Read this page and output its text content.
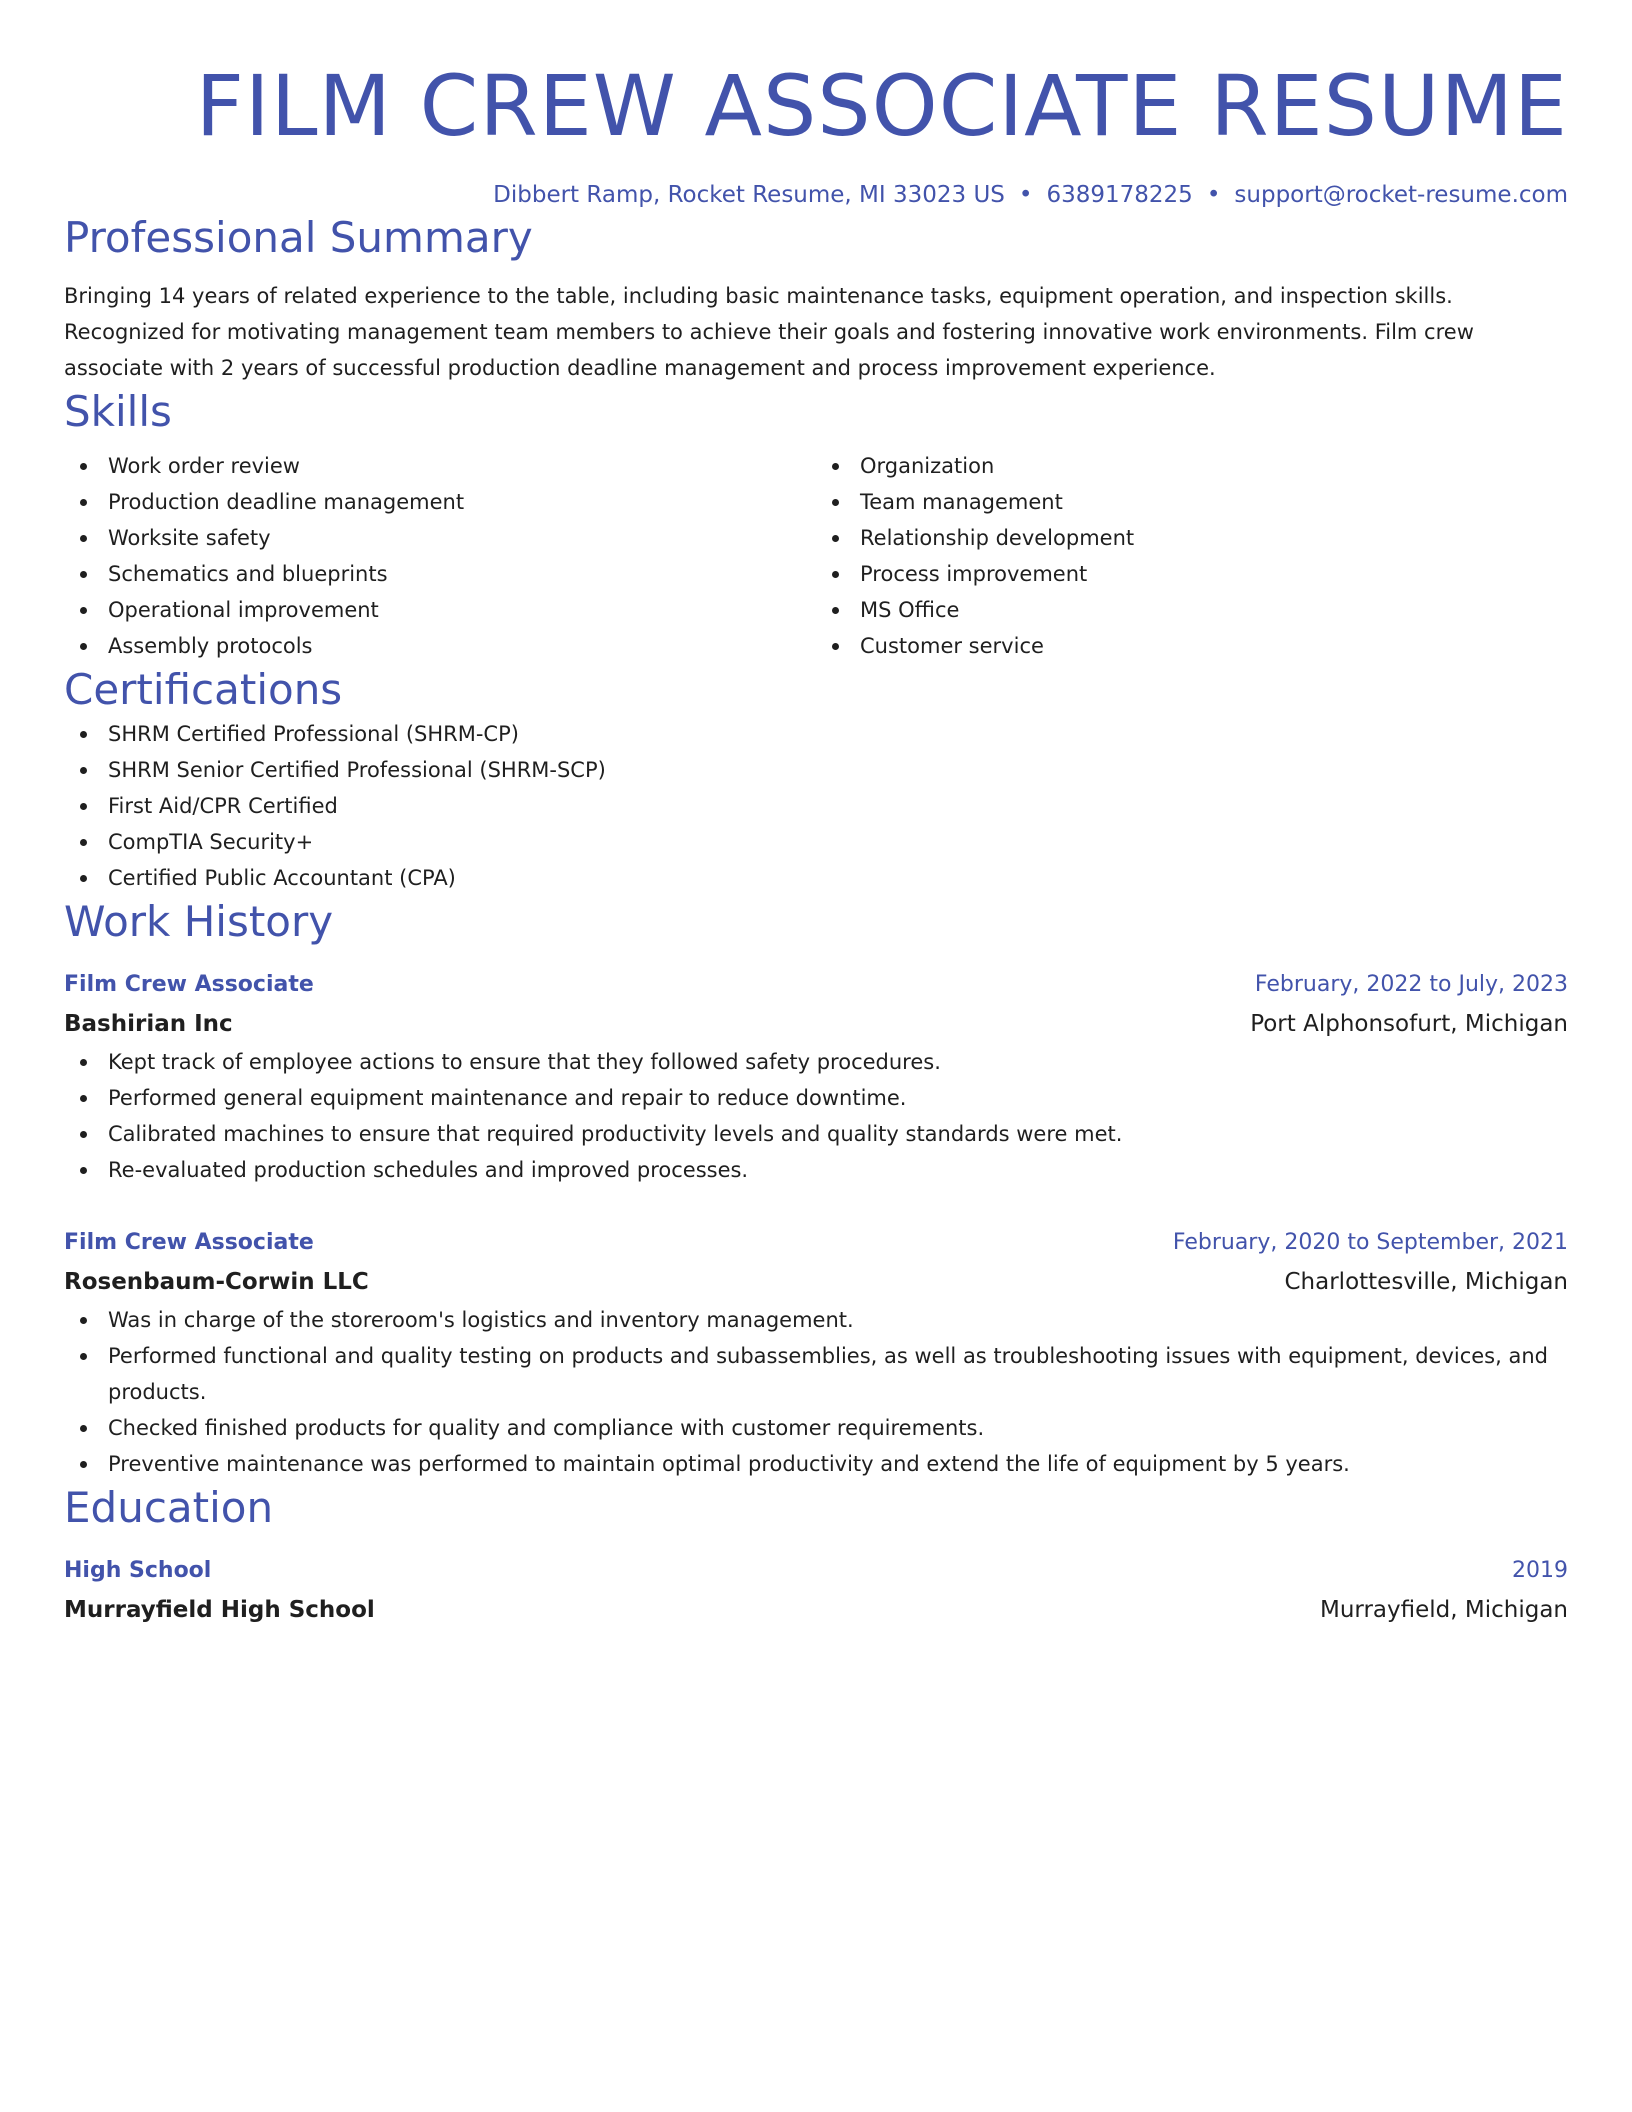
FILM CREW ASSOCIATE RESUME
Dibbert Ramp, Rocket Resume, MI 33023 US • 6389178225 • support@rocket-resume.com
Professional Summary

Bringing 14 years of related experience to the table, including basic maintenance tasks, equipment operation, and inspection skills. Recognized for motivating management team members to achieve their goals and fostering innovative work environments. Film crew associate with 2 years of successful production deadline management and process improvement experience.

Skills
Work order review
Production deadline management
Worksite safety
Schematics and blueprints
Operational improvement
Assembly protocols
Organization
Team management
Relationship development
Process improvement
MS Office
Customer service
Certifications
SHRM Certified Professional (SHRM-CP)
SHRM Senior Certified Professional (SHRM-SCP)
First Aid/CPR Certified
CompTIA Security+
Certified Public Accountant (CPA)
Work History
Film Crew Associate	February, 2022 to July, 2023
Bashirian Inc	Port Alphonsofurt, Michigan
Kept track of employee actions to ensure that they followed safety procedures.
Performed general equipment maintenance and repair to reduce downtime.
Calibrated machines to ensure that required productivity levels and quality standards were met.
Re-evaluated production schedules and improved processes.
Film Crew Associate	February, 2020 to September, 2021
Rosenbaum-Corwin LLC	Charlottesville, Michigan
Was in charge of the storeroom's logistics and inventory management.
Performed functional and quality testing on products and subassemblies, as well as troubleshooting issues with equipment, devices, and products.
Checked finished products for quality and compliance with customer requirements.
Preventive maintenance was performed to maintain optimal productivity and extend the life of equipment by 5 years.
Education
High School	2019
Murrayfield High School	Murrayfield, Michigan
